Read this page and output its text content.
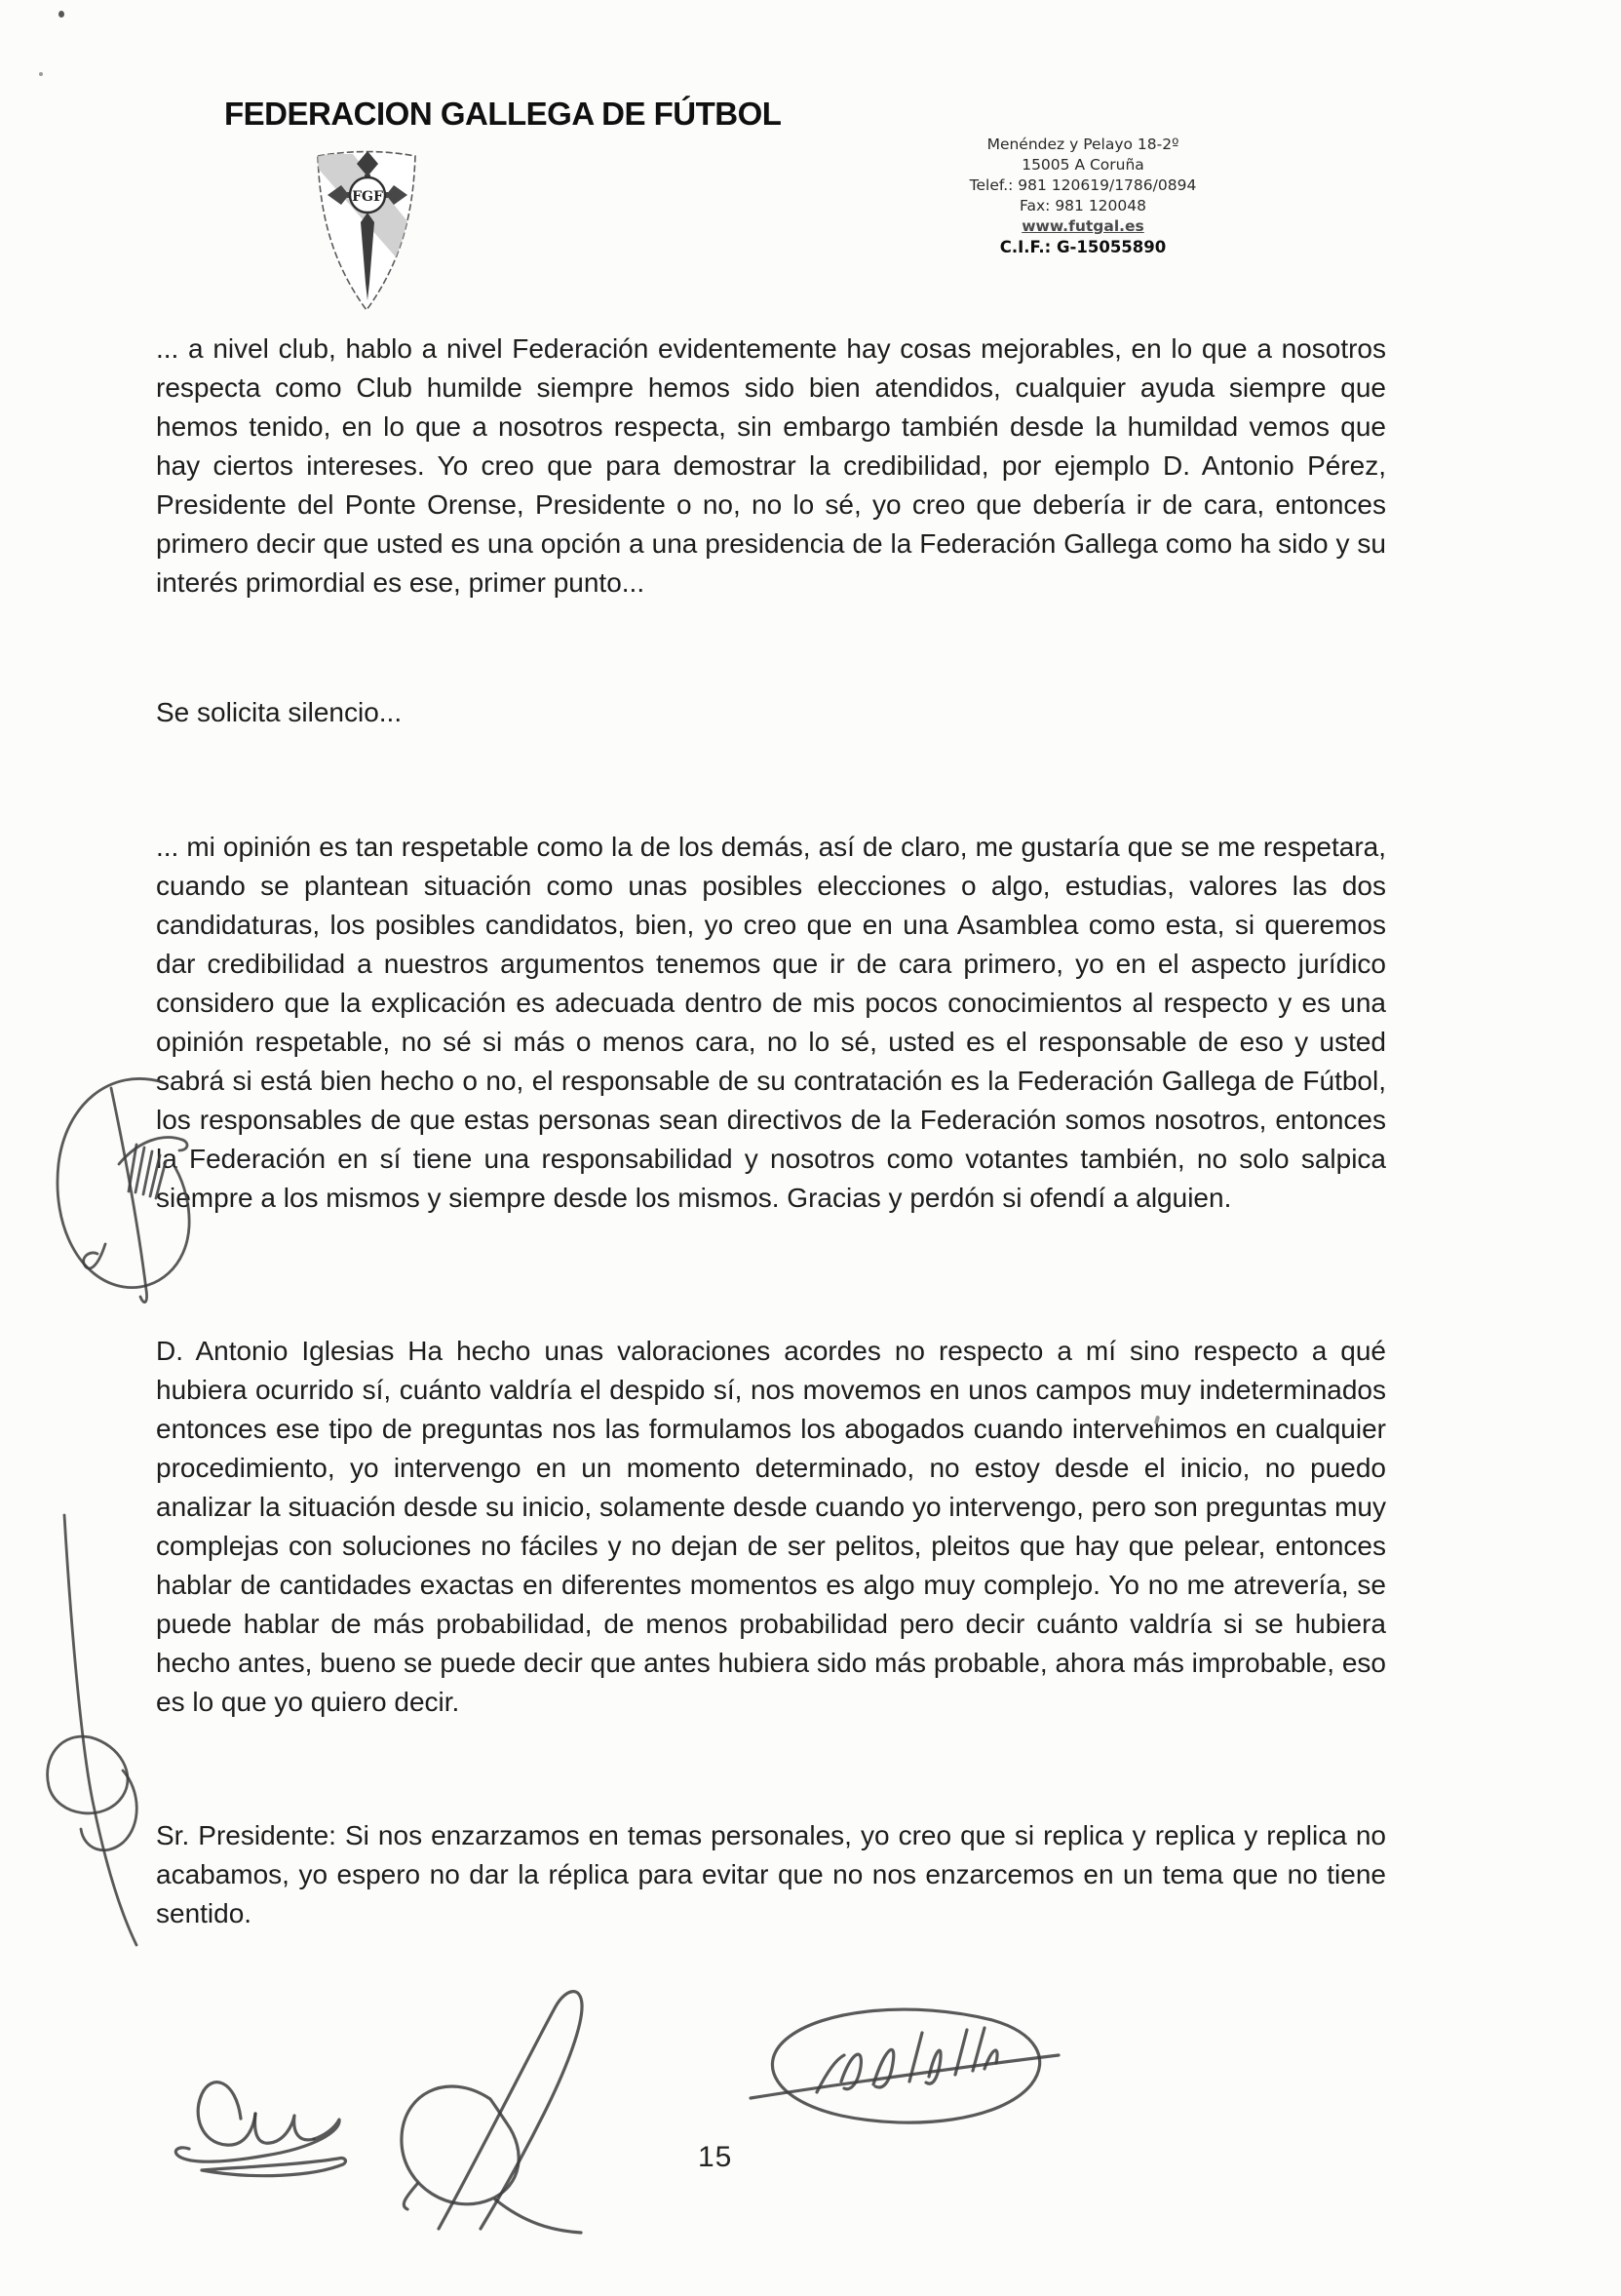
FEDERACION GALLEGA DE FÚTBOL
FGF
Menéndez y Pelayo 18-2º
15005 A Coruña
Telef.: 981 120619/1786/0894
Fax: 981 120048
www.futgal.es
C.I.F.: G-15055890

... a nivel club, hablo a nivel Federación evidentemente hay cosas mejorables, en lo que a nosotros respecta como Club humilde siempre hemos sido bien atendidos, cualquier ayuda siempre que hemos tenido, en lo que a nosotros respecta, sin embargo también desde la humildad vemos que hay ciertos intereses. Yo creo que para demostrar la credibilidad, por ejemplo D. Antonio Pérez, Presidente del Ponte Orense, Presidente o no, no lo sé, yo creo que debería ir de cara, entonces primero decir que usted es una opción a una presidencia de la Federación Gallega como ha sido y su interés primordial es ese, primer punto...

Se solicita silencio...

... mi opinión es tan respetable como la de los demás, así de claro, me gustaría que se me respetara, cuando se plantean situación como unas posibles elecciones o algo, estudias, valores las dos candidaturas, los posibles candidatos, bien, yo creo que en una Asamblea como esta, si queremos dar credibilidad a nuestros argumentos tenemos que ir de cara primero, yo en el aspecto jurídico considero que la explicación es adecuada dentro de mis pocos conocimientos al respecto y es una opinión respetable, no sé si más o menos cara, no lo sé, usted es el responsable de eso y usted sabrá si está bien hecho o no, el responsable de su contratación es la Federación Gallega de Fútbol, los responsables de que estas personas sean directivos de la Federación somos nosotros, entonces la Federación en sí tiene una responsabilidad y nosotros como votantes también, no solo salpica siempre a los mismos y siempre desde los mismos. Gracias y perdón si ofendí a alguien.

D. Antonio Iglesias Ha hecho unas valoraciones acordes no respecto a mí sino respecto a qué hubiera ocurrido sí, cuánto valdría el despido sí, nos movemos en unos campos muy indeterminados entonces ese tipo de preguntas nos las formulamos los abogados cuando intervenimos en cualquier procedimiento, yo intervengo en un momento determinado, no estoy desde el inicio, no puedo analizar la situación desde su inicio, solamente desde cuando yo intervengo, pero son preguntas muy complejas con soluciones no fáciles y no dejan de ser pelitos, pleitos que hay que pelear, entonces hablar de cantidades exactas en diferentes momentos es algo muy complejo. Yo no me atrevería, se puede hablar de más probabilidad, de menos probabilidad pero decir cuánto valdría si se hubiera hecho antes, bueno se puede decir que antes hubiera sido más probable, ahora más improbable, eso es lo que yo quiero decir.

Sr. Presidente: Si nos enzarzamos en temas personales, yo creo que si replica y replica y replica no acabamos, yo espero no dar la réplica para evitar que no nos enzarcemos en un tema que no tiene sentido.

15
